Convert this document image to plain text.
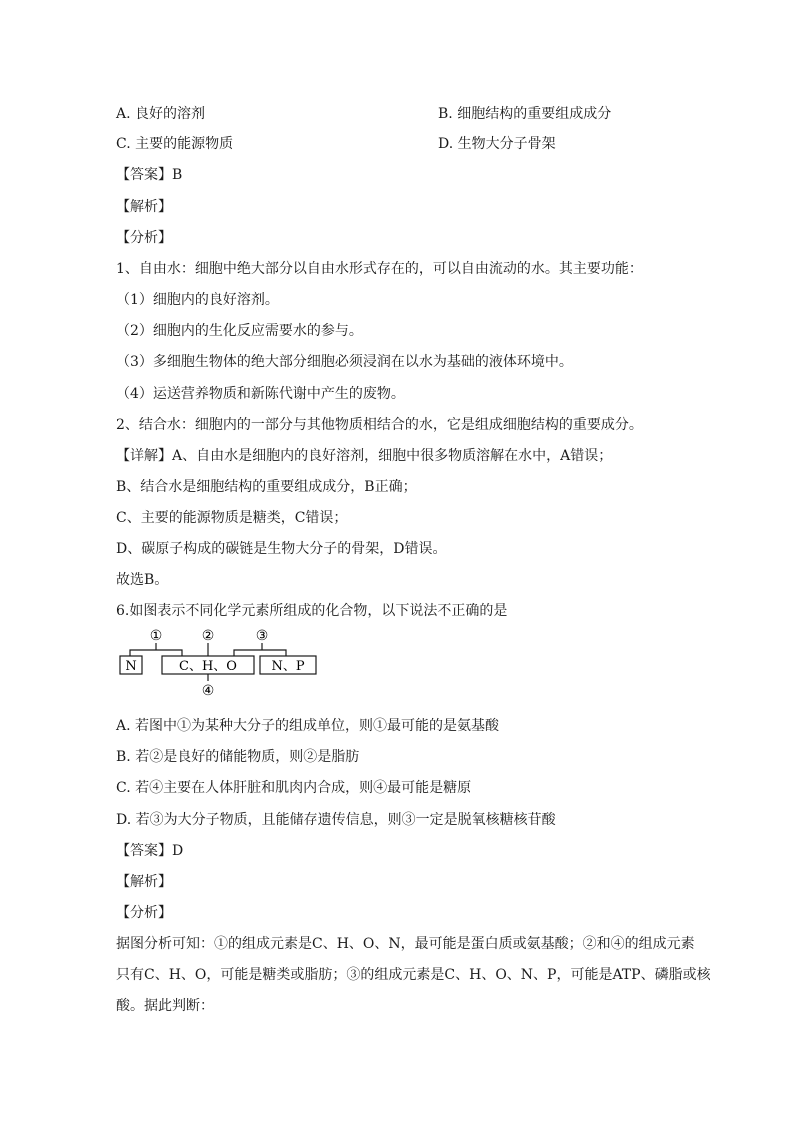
A. 良好的溶剂	B. 细胞结构的重要组成成分
C. 主要的能源物质	D. 生物大分子骨架
【答案】B
【解析】
【分析】
1、自由水：细胞中绝大部分以自由水形式存在的，可以自由流动的水。其主要功能：
（1）细胞内的良好溶剂。
（2）细胞内的生化反应需要水的参与。
（3）多细胞生物体的绝大部分细胞必须浸润在以水为基础的液体环境中。
（4）运送营养物质和新陈代谢中产生的废物。
2、结合水：细胞内的一部分与其他物质相结合的水，它是组成细胞结构的重要成分。
【详解】A、自由水是细胞内的良好溶剂，细胞中很多物质溶解在水中，A错误；
B、结合水是细胞结构的重要组成成分，B正确；
C、主要的能源物质是糖类，C错误；
D、碳原子构成的碳链是生物大分子的骨架，D错误。
故选B。
6.如图表示不同化学元素所组成的化合物，以下说法不正确的是
①	②	③
④
N	C、H、O	N、P
A. 若图中①为某种大分子的组成单位，则①最可能的是氨基酸
B. 若②是良好的储能物质，则②是脂肪
C. 若④主要在人体肝脏和肌肉内合成，则④最可能是糖原
D. 若③为大分子物质，且能储存遗传信息，则③一定是脱氧核糖核苷酸
【答案】D
【解析】
【分析】
据图分析可知：①的组成元素是C、H、O、N，最可能是蛋白质或氨基酸；②和④的组成元素
只有C、H、O，可能是糖类或脂肪；③的组成元素是C、H、O、N、P，可能是ATP、磷脂或核
酸。据此判断：
